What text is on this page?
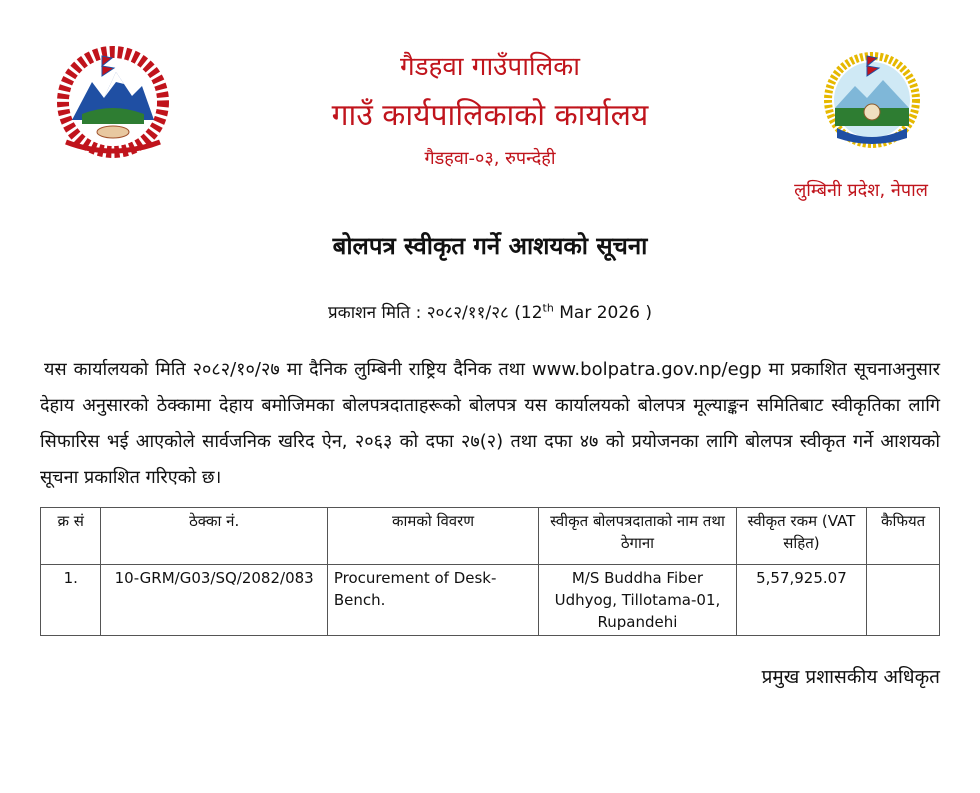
गैडहवा गाउँपालिका
गाउँ कार्यपालिकाको कार्यालय
गैडहवा-०३, रुपन्देही
लुम्बिनी प्रदेश, नेपाल
बोलपत्र स्वीकृत गर्ने आशयको सूचना
प्रकाशन मिति : २०८२/११/२८ (12th Mar 2026 )
यस कार्यालयको मिति २०८२/१०/२७ मा दैनिक लुम्बिनी राष्ट्रिय दैनिक तथा www.bolpatra.gov.np/egp मा प्रकाशित सूचनाअनुसार देहाय अनुसारको ठेक्कामा देहाय बमोजिमका बोलपत्रदाताहरूको बोलपत्र यस कार्यालयको बोलपत्र मूल्याङ्कन समितिबाट स्वीकृतिका लागि सिफारिस भई आएकोले सार्वजनिक खरिद ऐन, २०६३ को दफा २७(२) तथा दफा ४७ को प्रयोजनका लागि बोलपत्र स्वीकृत गर्ने आशयको सूचना प्रकाशित गरिएको छ।
क्र सं	ठेक्का नं.	कामको विवरण	स्वीकृत बोलपत्रदाताको नाम तथा ठेगाना	स्वीकृत रकम (VAT सहित)	कैफियत
1.	10-GRM/G03/SQ/2082/083	Procurement of Desk-Bench.	M/S Buddha Fiber Udhyog, Tillotama-01, Rupandehi	5,57,925.07	
प्रमुख प्रशासकीय अधिकृत
